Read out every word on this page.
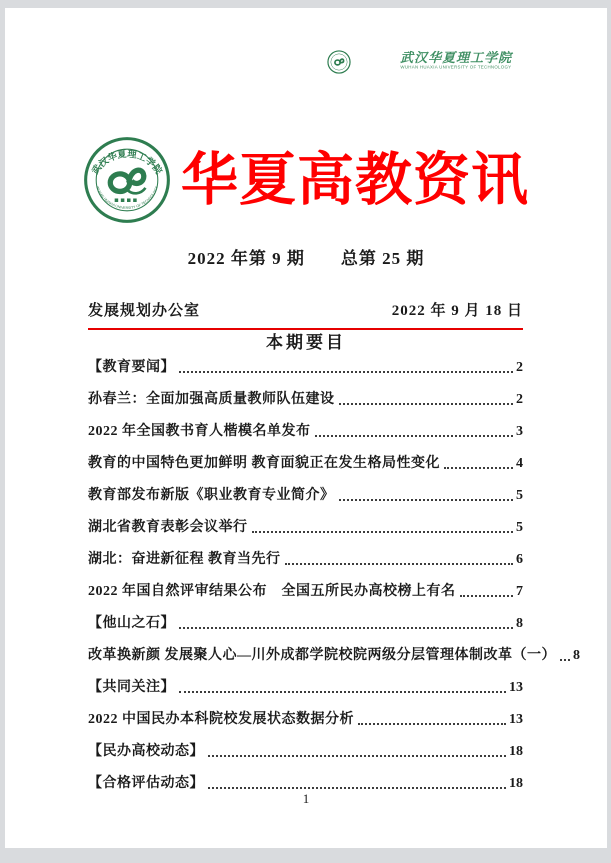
武汉华夏理工学院
WUHAN HUAXIA UNIVERSITY OF TECHNOLOGY
武汉华夏理工学院
WUHAN HUAXIA UNIVERSITY OF TECHNOLOGY 华夏高教资讯
2022 年第 9 期　　总第 25 期
发展规划办公室	2022 年 9 月 18 日
本期要目
【教育要闻】	2
孙春兰：全面加强高质量教师队伍建设	2
2022 年全国教书育人楷模名单发布	3
教育的中国特色更加鲜明 教育面貌正在发生格局性变化	4
教育部发布新版《职业教育专业简介》	5
湖北省教育表彰会议举行	5
湖北：奋进新征程 教育当先行	6
2022 年国自然评审结果公布　全国五所民办高校榜上有名	7
【他山之石】	8
改革换新颜 发展聚人心—川外成都学院校院两级分层管理体制改革（一） 8
【共同关注】	13
2022 中国民办本科院校发展状态数据分析	13
【民办高校动态】	18
【合格评估动态】	18
1
